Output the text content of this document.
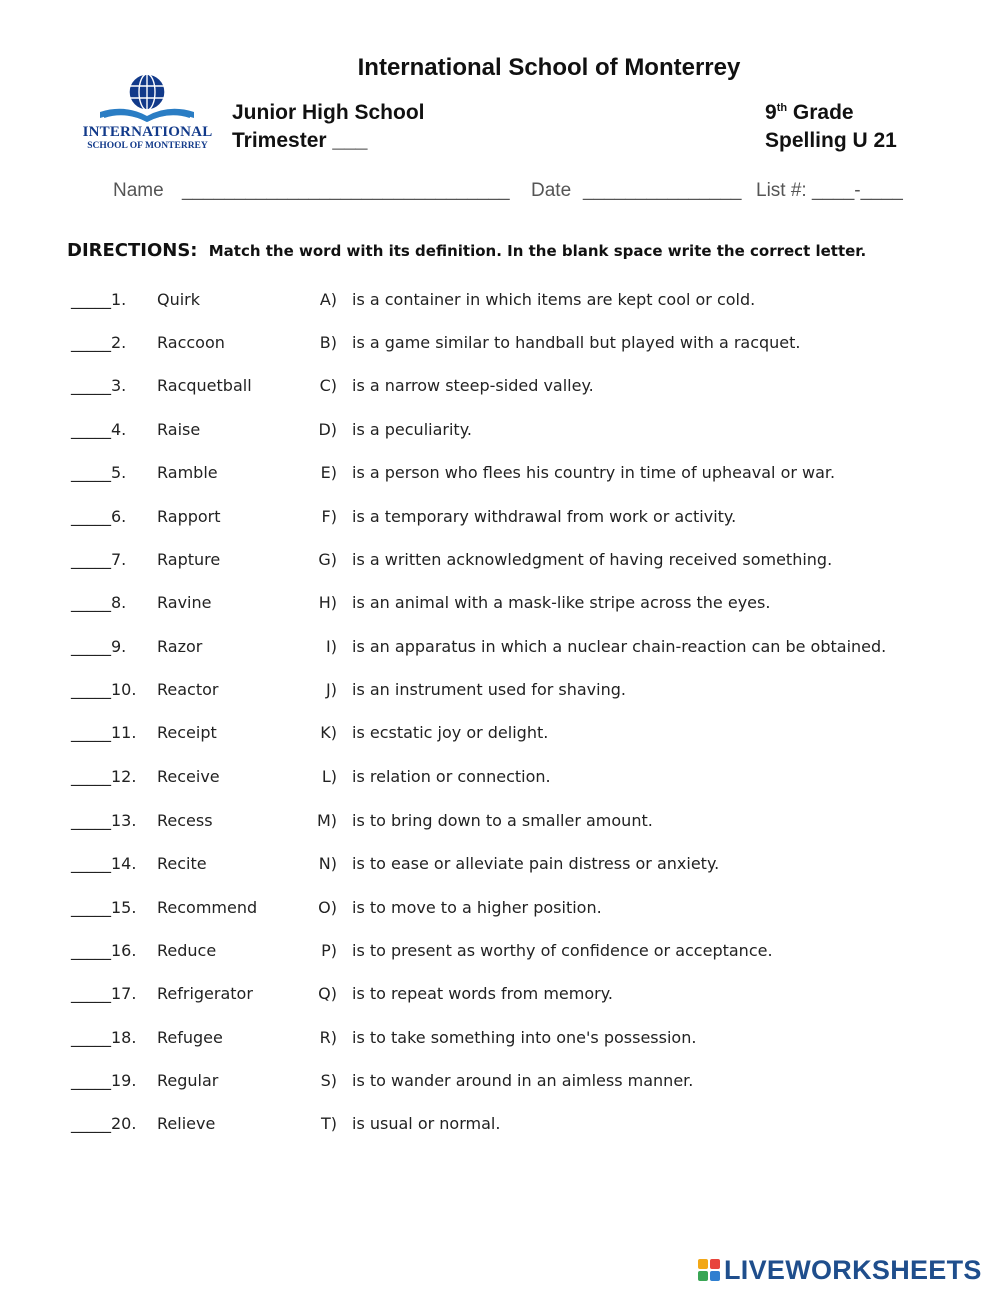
International School of Monterrey
INTERNATIONAL
SCHOOL OF MONTERREY
Junior High School
Trimester ___
9th Grade
Spelling U 21
Name _______________________________ Date _______________ List #: ____-____
DIRECTIONS: Match the word with its definition. In the blank space write the correct letter.
_____1. Quirk	A) is a container in which items are kept cool or cold.
_____2. Raccoon	B) is a game similar to handball but played with a racquet.
_____3. Racquetball	C) is a narrow steep-sided valley.
_____4. Raise	D) is a peculiarity.
_____5. Ramble	E) is a person who flees his country in time of upheaval or war.
_____6. Rapport	F) is a temporary withdrawal from work or activity.
_____7. Rapture	G) is a written acknowledgment of having received something.
_____8. Ravine	H) is an animal with a mask-like stripe across the eyes.
_____9. Razor	I) is an apparatus in which a nuclear chain-reaction can be obtained.
_____10. Reactor	J) is an instrument used for shaving.
_____11. Receipt	K) is ecstatic joy or delight.
_____12. Receive	L) is relation or connection.
_____13. Recess	M) is to bring down to a smaller amount.
_____14. Recite	N) is to ease or alleviate pain distress or anxiety.
_____15. Recommend	O) is to move to a higher position.
_____16. Reduce	P) is to present as worthy of confidence or acceptance.
_____17. Refrigerator	Q) is to repeat words from memory.
_____18. Refugee	R) is to take something into one's possession.
_____19. Regular	S) is to wander around in an aimless manner.
_____20. Relieve	T) is usual or normal.
LIVEWORKSHEETS
